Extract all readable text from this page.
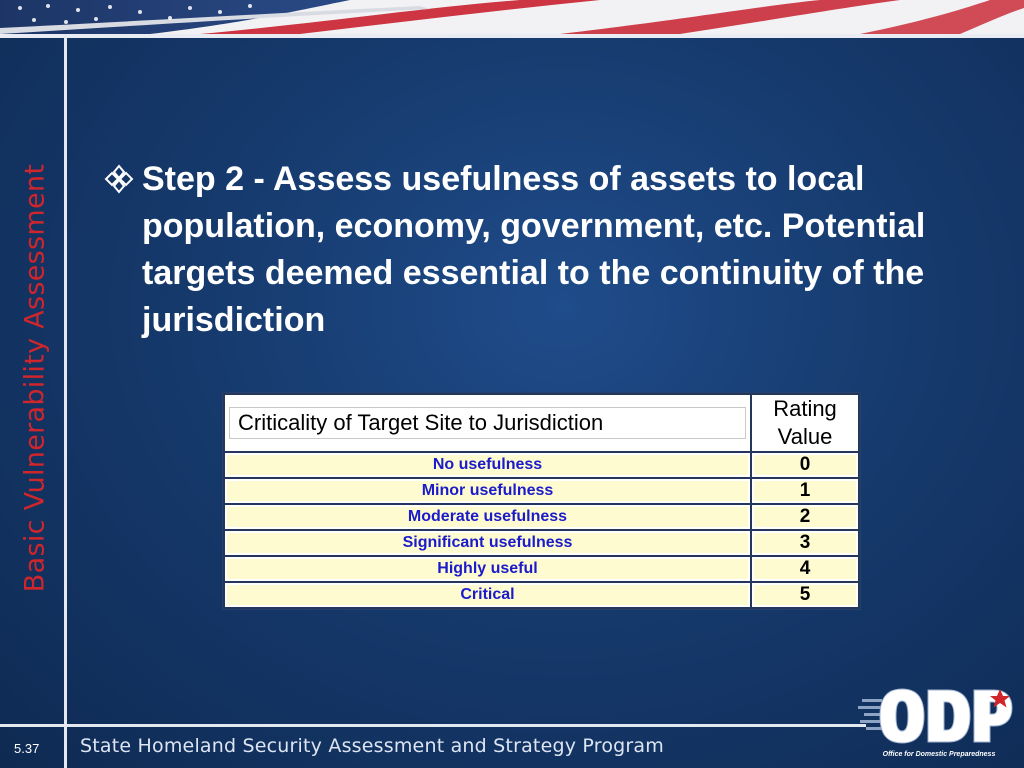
Basic Vulnerability Assessment	Step 2 - Assess usefulness of assets to local population, economy, government, etc. Potential targets deemed essential to the continuity of the jurisdiction

Criticality of Target Site to Jurisdiction	Rating
Value

No usefulness	0
Minor usefulness	1
Moderate usefulness	2
Significant usefulness	3
Highly useful	4
Critical	5
5.37 State Homeland Security Assessment and Strategy Program	Office for Domestic Preparedness
